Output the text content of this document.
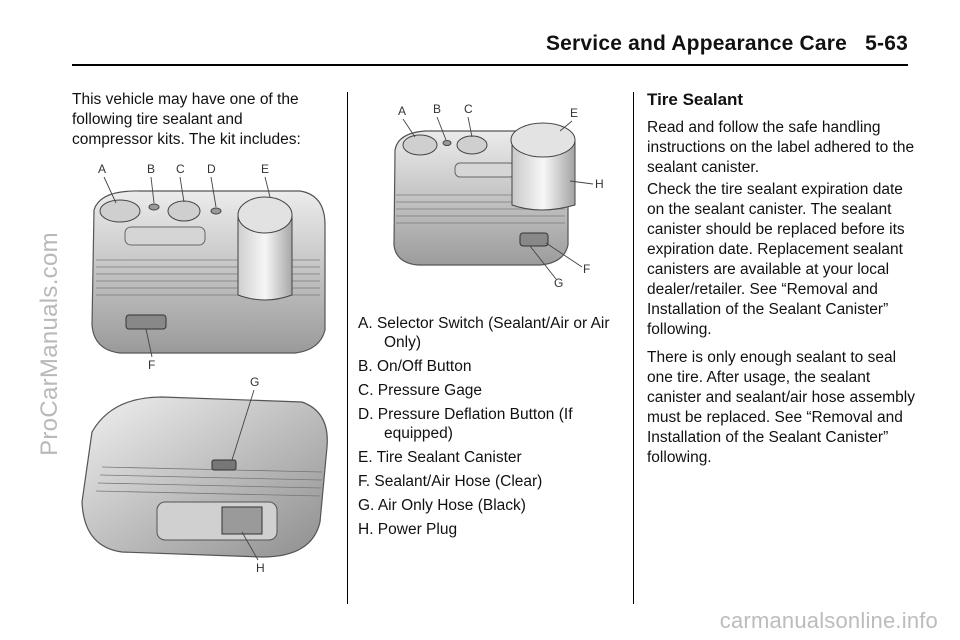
Service and Appearance Care   5-63
ProCarManuals.com
carmanualsonline.info

This vehicle may have one of the following tire sealant and compressor kits. The kit includes:

A	B C D	E
F
G
H
A B C	E
H
F
G
A. Selector Switch (Sealant/Air or Air Only)
B. On/Off Button
C. Pressure Gage
D. Pressure Deflation Button (If equipped)
E. Tire Sealant Canister
F. Sealant/Air Hose (Clear)
G. Air Only Hose (Black)
H. Power Plug
Tire Sealant

Read and follow the safe handling instructions on the label adhered to the sealant canister.

Check the tire sealant expiration date on the sealant canister. The sealant canister should be replaced before its expiration date. Replacement sealant canisters are available at your local dealer/retailer. See “Removal and Installation of the Sealant Canister” following.

There is only enough sealant to seal one tire. After usage, the sealant canister and sealant/air hose assembly must be replaced. See “Removal and Installation of the Sealant Canister” following.
